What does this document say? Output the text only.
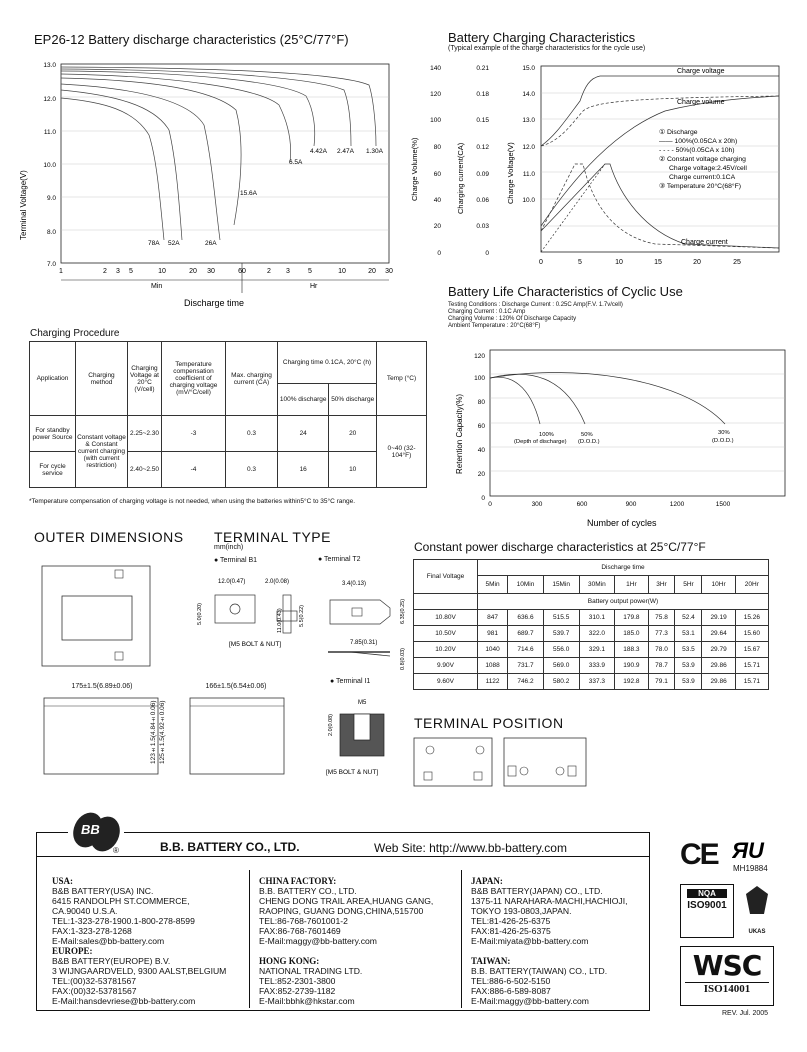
EP26-12 Battery discharge characteristics (25°C/77°F)
13.0
12.0
11.0
10.0
9.0
8.0
7.0
Terminal Voltage(V)
1	2 3 5	10	20 30	60	2 3	5	10	20 30
Min	Hr
Discharge time
78A 52A	26A
15.6A
6.5A
4.42A 2.47A 1.30A
Battery Charging Characteristics
(Typical example of the charge characteristics for the cycle use)
140
120
100
80
60
40
20
0
Charge Volume(%)
0.21
0.18
0.15
0.12
0.09
0.06
0.03
0
Charging current(CA)
15.0
14.0
13.0
12.0
11.0
10.0
Charge Voltage(V)
0	5	10	15	20	25
Charge voltage
Charge volume
Charge current
① Discharge
—— 100%(0.05CA x 20h)
- - - - 50%(0.05CA x 10h)
② Constant voltage charging
Charge voltage:2.45V/cell
Charge current:0.1CA
③ Temperature 20°C(68°F)
Battery Life Characteristics of Cyclic Use
Testing Conditions : Discharge Current : 0.25C Amp(F.V. 1.7v/cell)
Charging Current : 0.1C Amp
Charging Volume : 120% Of Discharge Capacity
Ambient Temperature : 20°C(68°F)
120
100
80
60
40
20
0
Retention Capacity(%)
0	300	600	900	1200	1500
Number of cycles
100%
(Depth of discharge)
50%
(D.O.D.)
30%
(D.O.D.)
Charging Procedure
Application	Charging method	Charging Voltage at 20°C (V/cell)	Temperature compensation coefficient of charging voltage (mV/°C/cell)	Max. charging current (CA)	Charging time 0.1CA, 20°C (h)		Temp (°C)
					100% discharge	50% discharge	
For standby power Source	Constant voltage & Constant current charging (with current restriction)	2.25~2.30	-3	0.3	24	20	0~40 (32-104°F)
For cycle service		2.40~2.50	-4	0.3	16	10	
*Temperature compensation of charging voltage is not needed, when using the batteries within5°C to 35°C range.
OUTER DIMENSIONS
175±1.5(6.89±0.06)
123±1.5(4.84±0.06) 125±1.5(4.92±0.06)
166±1.5(6.54±0.06)
TERMINAL TYPE
mm(inch)
● Terminal B1	● Terminal T2
12.0(0.47)	2.0(0.08)
5.0(0.20)	11.0(0.43)	5.5(0.22)
[M5 BOLT & NUT]
3.4(0.13)
6.35(0.25)
7.85(0.31)
0.8(0.03)
● Terminal I1
M5
2.0(0.08)
[M5 BOLT & NUT]
Constant power discharge characteristics at 25°C/77°F
Final Voltage	Discharge time								
	5Min	10Min	15Min	30Min	1Hr	3Hr	5Hr	10Hr	20Hr
	Battery output power(W)								
10.80V	847	636.6	515.5	310.1	179.8	75.8	52.4	29.19	15.26
10.50V	981	689.7	539.7	322.0	185.0	77.3	53.1	29.64	15.60
10.20V	1040	714.6	556.0	329.1	188.3	78.0	53.5	29.79	15.67
9.90V	1088	731.7	569.0	333.9	190.9	78.7	53.9	29.86	15.71
9.60V	1122	746.2	580.2	337.3	192.8	79.1	53.9	29.86	15.71
TERMINAL POSITION
BB
®	B.B. BATTERY CO., LTD.	Web Site: http://www.bb-battery.com
USA:
B&B BATTERY(USA) INC.
6415 RANDOLPH ST.COMMERCE,
CA.90040 U.S.A.
TEL:1-323-278-1900.1-800-278-8599
FAX:1-323-278-1268
E-Mail:sales@bb-battery.com
EUROPE:
B&B BATTERY(EUROPE) B.V.
3 WIJNGAARDVELD, 9300 AALST,BELGIUM
TEL:(00)32-53781567
FAX:(00)32-53781567
E-Mail:hansdevriese@bb-battery.com
CHINA FACTORY:
B.B. BATTERY CO., LTD.
CHENG DONG TRAIL AREA,HUANG GANG,
RAOPING, GUANG DONG,CHINA,515700
TEL:86-768-7601001-2
FAX:86-768-7601469
E-Mail:maggy@bb-battery.com
HONG KONG:
NATIONAL TRADING LTD.
TEL:852-2301-3800
FAX:852-2739-1182
E-Mail:bbhk@hkstar.com
JAPAN:
B&B BATTERY(JAPAN) CO., LTD.
1375-11 NARAHARA-MACHI,HACHIOJI,
TOKYO 193-0803,JAPAN.
TEL:81-426-25-6375
FAX:81-426-25-6375
E-Mail:miyata@bb-battery.com
TAIWAN:
B.B. BATTERY(TAIWAN) CO., LTD.
TEL:886-6-502-5150
FAX:886-6-589-8087
E-Mail:maggy@bb-battery.com
CE ЯU
MH19884
NQA
ISO9001
UKAS
WSC
ISO14001
REV. Jul. 2005
